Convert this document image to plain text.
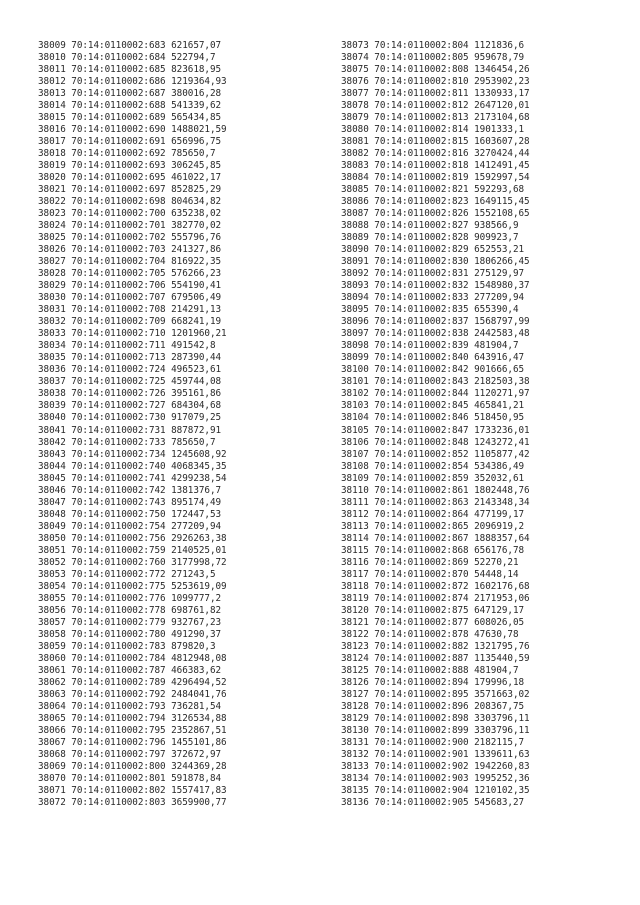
38009 70:14:0110002:683 621657,07
38010 70:14:0110002:684 522794,7
38011 70:14:0110002:685 823618,95
38012 70:14:0110002:686 1219364,93
38013 70:14:0110002:687 380016,28
38014 70:14:0110002:688 541339,62
38015 70:14:0110002:689 565434,85
38016 70:14:0110002:690 1488021,59
38017 70:14:0110002:691 656996,75
38018 70:14:0110002:692 785650,7
38019 70:14:0110002:693 306245,85
38020 70:14:0110002:695 461022,17
38021 70:14:0110002:697 852825,29
38022 70:14:0110002:698 804634,82
38023 70:14:0110002:700 635238,02
38024 70:14:0110002:701 382770,02
38025 70:14:0110002:702 555796,76
38026 70:14:0110002:703 241327,86
38027 70:14:0110002:704 816922,35
38028 70:14:0110002:705 576266,23
38029 70:14:0110002:706 554190,41
38030 70:14:0110002:707 679506,49
38031 70:14:0110002:708 214291,13
38032 70:14:0110002:709 668241,19
38033 70:14:0110002:710 1201960,21
38034 70:14:0110002:711 491542,8
38035 70:14:0110002:713 287390,44
38036 70:14:0110002:724 496523,61
38037 70:14:0110002:725 459744,08
38038 70:14:0110002:726 395161,86
38039 70:14:0110002:727 684304,68
38040 70:14:0110002:730 917079,25
38041 70:14:0110002:731 887872,91
38042 70:14:0110002:733 785650,7
38043 70:14:0110002:734 1245608,92
38044 70:14:0110002:740 4068345,35
38045 70:14:0110002:741 4299238,54
38046 70:14:0110002:742 1381376,7
38047 70:14:0110002:743 895174,49
38048 70:14:0110002:750 172447,53
38049 70:14:0110002:754 277209,94
38050 70:14:0110002:756 2926263,38
38051 70:14:0110002:759 2140525,01
38052 70:14:0110002:760 3177998,72
38053 70:14:0110002:772 271243,5
38054 70:14:0110002:775 5253619,09
38055 70:14:0110002:776 1099777,2
38056 70:14:0110002:778 698761,82
38057 70:14:0110002:779 932767,23
38058 70:14:0110002:780 491290,37
38059 70:14:0110002:783 879820,3
38060 70:14:0110002:784 4812948,08
38061 70:14:0110002:787 466383,62
38062 70:14:0110002:789 4296494,52
38063 70:14:0110002:792 2484041,76
38064 70:14:0110002:793 736281,54
38065 70:14:0110002:794 3126534,88
38066 70:14:0110002:795 2352867,51
38067 70:14:0110002:796 1455101,86
38068 70:14:0110002:797 372672,97
38069 70:14:0110002:800 3244369,28
38070 70:14:0110002:801 591878,84
38071 70:14:0110002:802 1557417,83
38072 70:14:0110002:803 3659900,77
38073 70:14:0110002:804 1121836,6
38074 70:14:0110002:805 959678,79
38075 70:14:0110002:808 1346454,26
38076 70:14:0110002:810 2953902,23
38077 70:14:0110002:811 1330933,17
38078 70:14:0110002:812 2647120,01
38079 70:14:0110002:813 2173104,68
38080 70:14:0110002:814 1901333,1
38081 70:14:0110002:815 1603607,28
38082 70:14:0110002:816 3270424,44
38083 70:14:0110002:818 1412491,45
38084 70:14:0110002:819 1592997,54
38085 70:14:0110002:821 592293,68
38086 70:14:0110002:823 1649115,45
38087 70:14:0110002:826 1552108,65
38088 70:14:0110002:827 938566,9
38089 70:14:0110002:828 909923,7
38090 70:14:0110002:829 652553,21
38091 70:14:0110002:830 1806266,45
38092 70:14:0110002:831 275129,97
38093 70:14:0110002:832 1548980,37
38094 70:14:0110002:833 277209,94
38095 70:14:0110002:835 655390,4
38096 70:14:0110002:837 1568797,99
38097 70:14:0110002:838 2442583,48
38098 70:14:0110002:839 481904,7
38099 70:14:0110002:840 643916,47
38100 70:14:0110002:842 901666,65
38101 70:14:0110002:843 2182503,38
38102 70:14:0110002:844 1120271,97
38103 70:14:0110002:845 465841,21
38104 70:14:0110002:846 518450,95
38105 70:14:0110002:847 1733236,01
38106 70:14:0110002:848 1243272,41
38107 70:14:0110002:852 1105877,42
38108 70:14:0110002:854 534386,49
38109 70:14:0110002:859 352032,61
38110 70:14:0110002:861 1802448,76
38111 70:14:0110002:863 2143348,34
38112 70:14:0110002:864 477199,17
38113 70:14:0110002:865 2096919,2
38114 70:14:0110002:867 1888357,64
38115 70:14:0110002:868 656176,78
38116 70:14:0110002:869 52270,21
38117 70:14:0110002:870 54448,14
38118 70:14:0110002:872 1602176,68
38119 70:14:0110002:874 2171953,06
38120 70:14:0110002:875 647129,17
38121 70:14:0110002:877 608026,05
38122 70:14:0110002:878 47630,78
38123 70:14:0110002:882 1321795,76
38124 70:14:0110002:887 1135440,59
38125 70:14:0110002:888 481904,7
38126 70:14:0110002:894 179996,18
38127 70:14:0110002:895 3571663,02
38128 70:14:0110002:896 208367,75
38129 70:14:0110002:898 3303796,11
38130 70:14:0110002:899 3303796,11
38131 70:14:0110002:900 2182115,7
38132 70:14:0110002:901 1339611,63
38133 70:14:0110002:902 1942260,83
38134 70:14:0110002:903 1995252,36
38135 70:14:0110002:904 1210102,35
38136 70:14:0110002:905 545683,27
